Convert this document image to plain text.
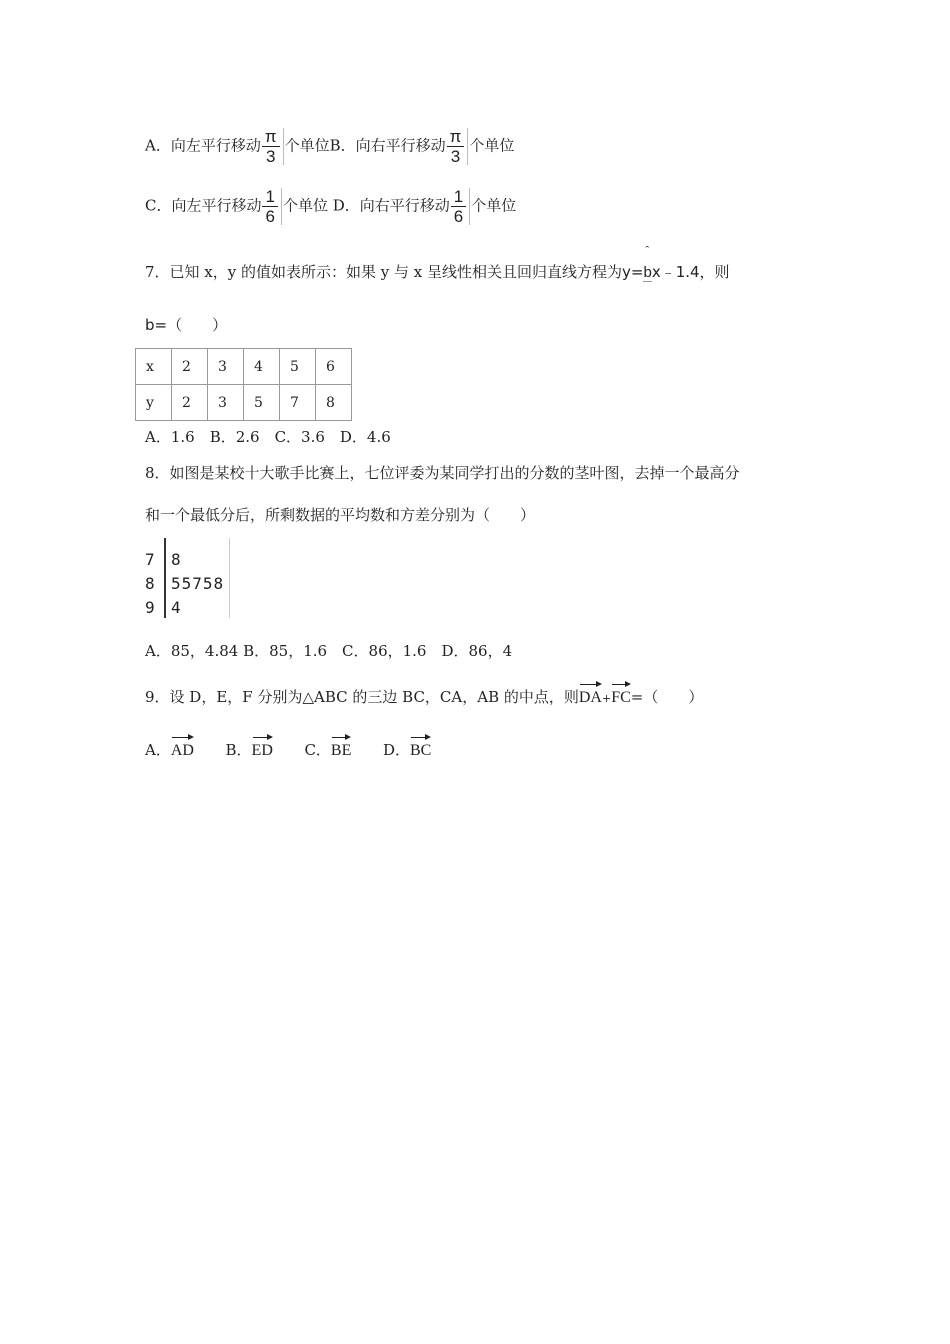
A．向左平行移动 $\frac{\pi}{3}$ 个单位B．向右平行移动 $\frac{\pi}{3}$ 个单位
C．向左平行移动 $\frac{1}{6}$ 个单位 D．向右平行移动 $\frac{1}{6}$ 个单位
7．已知 x，y 的值如表所示：如果 y 与 x 呈线性相关且回归直线方程为y=
ˆ
bx﹣1.4，则
b=（　　）
x	2	3	4	5	6
y	2	3	5	7	8
A．1.6　B．2.6　C．3.6　D．4.6
8．如图是某校十大歌手比赛上，七位评委为某同学打出的分数的茎叶图，去掉一个最高分
和一个最低分后，所剩数据的平均数和方差分别为（　　）
7 8
8 55758
9 4
A．85，4.84 B．85，1.6　C．86，1.6　D．86，4
9．设 D，E，F 分别为△ABC 的三边 BC，CA，AB 的中点，则
DA+
FC=（　　）
A．
AD B．
ED C．
BE D．
BC
